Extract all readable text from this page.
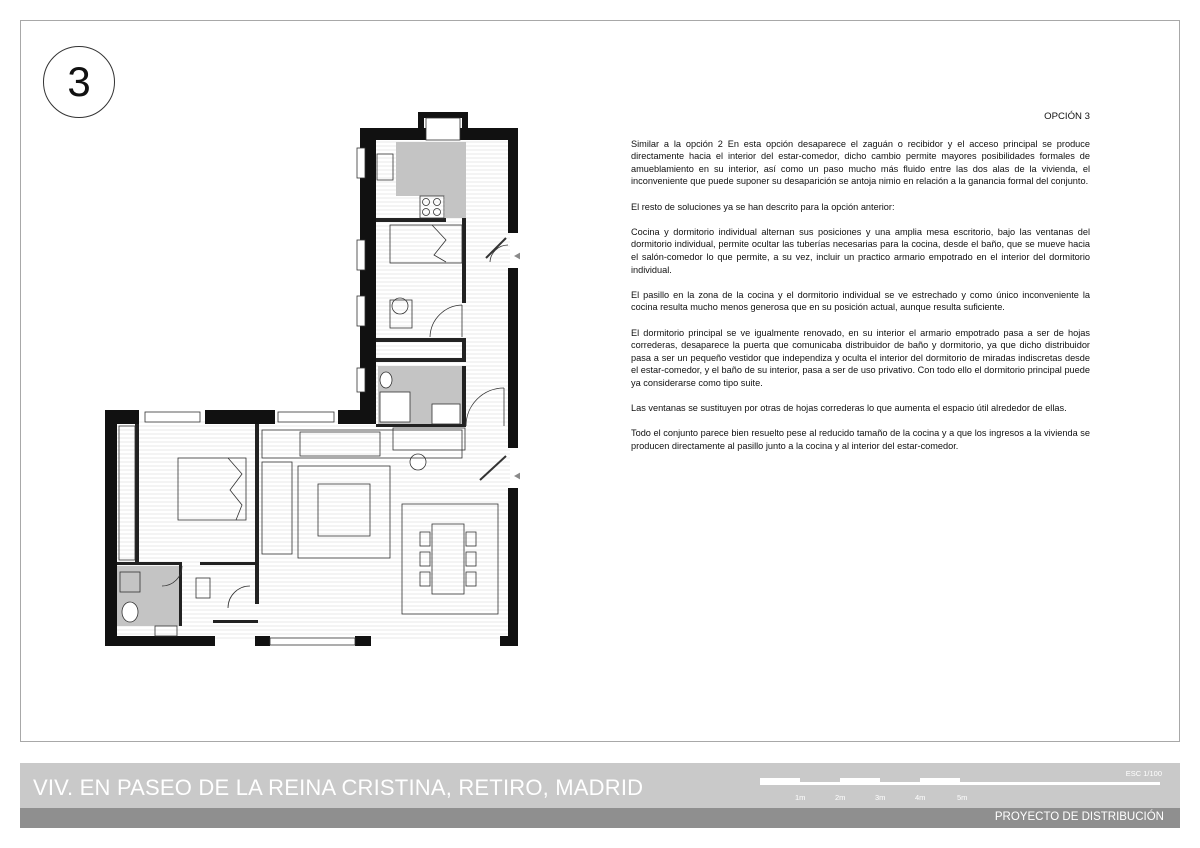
3
OPCIÓN 3

Similar a la opción 2 En esta opción desaparece el zaguán o recibidor y el acceso principal se produce directamente hacia el interior del estar-comedor, dicho cambio permite mayores posibilidades formales de amueblamiento en su interior, así como un paso mucho más fluido entre las dos alas de la vivienda, el inconveniente que puede suponer su desaparición se antoja nimio en relación a la ganancia formal del conjunto.

El resto de soluciones ya se han descrito para la opción anterior:

Cocina y dormitorio individual alternan sus posiciones y una amplia mesa escritorio, bajo las ventanas del dormitorio individual, permite ocultar las tuberías necesarias para la cocina, desde el baño, que se mueve hacia el salón-comedor lo que permite, a su vez, incluir un practico armario empotrado en el interior del dormitorio individual.

El pasillo en la zona de la cocina y el dormitorio individual se ve estrechado y como único inconveniente la cocina resulta mucho menos generosa que en su posición actual, aunque resulta suficiente.

El dormitorio principal se ve igualmente renovado, en su interior el armario empotrado pasa a ser de hojas correderas, desaparece la puerta que comunicaba distribuidor de baño y dormitorio, ya que dicho distribuidor pasa a ser un pequeño vestidor que independiza y oculta el interior del dormitorio de miradas indiscretas desde el estar-comedor, y el baño de su interior, pasa a ser de uso privativo. Con todo ello el dormitorio principal puede ya considerarse como tipo suite.

Las ventanas se sustituyen por otras de hojas correderas lo que aumenta el espacio útil alrededor de ellas.

Todo el conjunto parece bien resuelto pese al reducido tamaño de la cocina y a que los ingresos a la vivienda se producen directamente al pasillo junto a la cocina y al interior del estar-comedor.

VIV. EN PASEO DE LA REINA CRISTINA, RETIRO, MADRID
ESC 1/100
1m	2m	3m	4m	5m
PROYECTO DE DISTRIBUCIÓN
